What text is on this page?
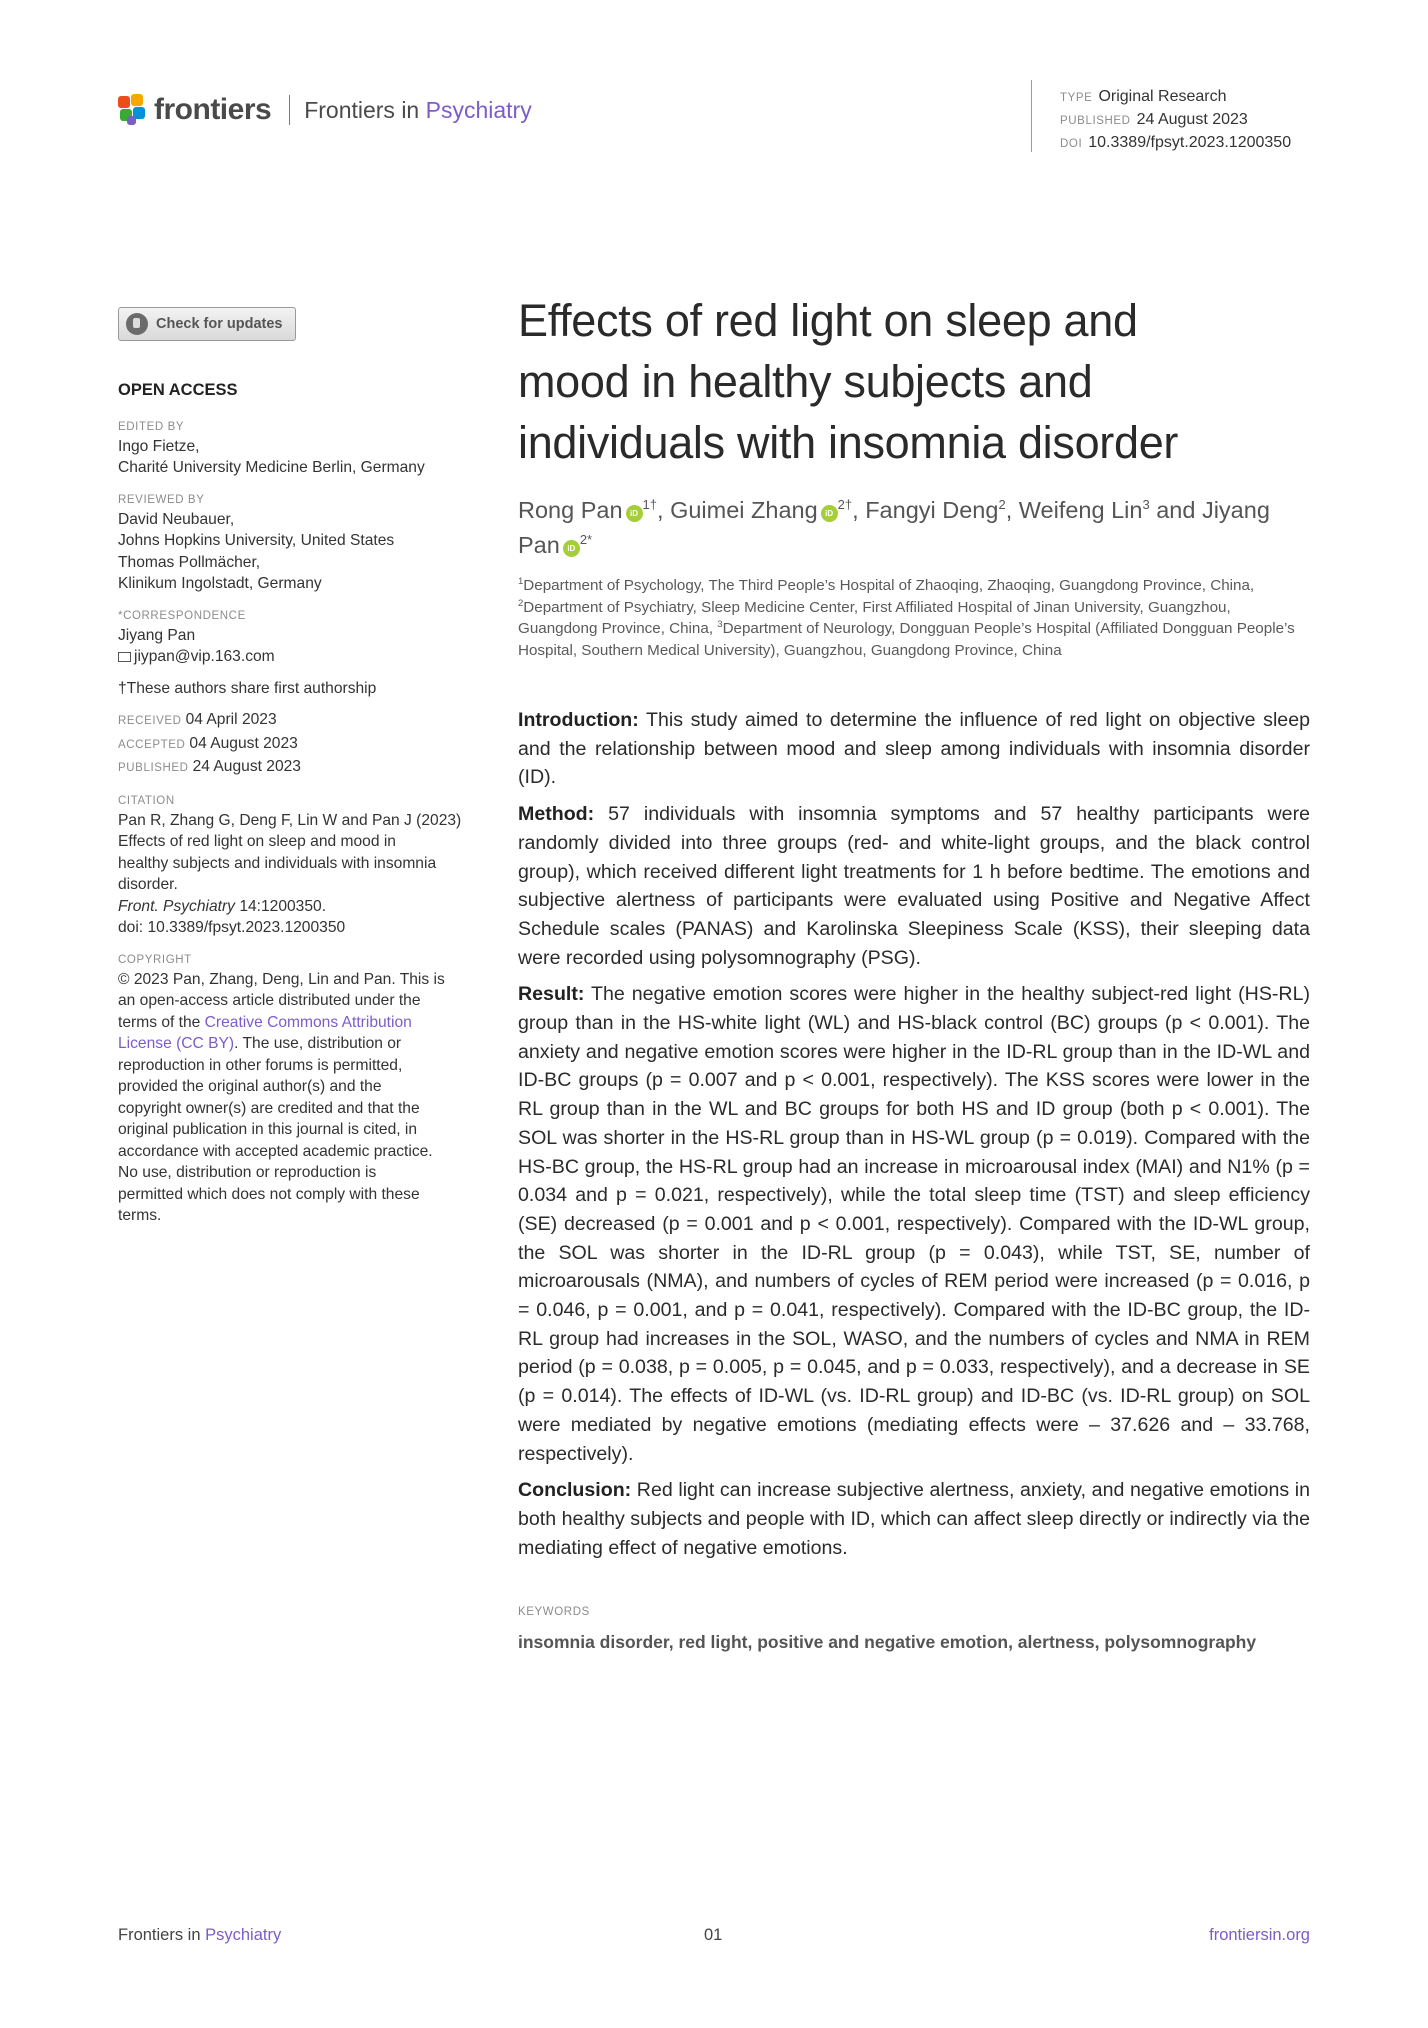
frontiers Frontiers in Psychiatry	TYPE Original Research
PUBLISHED 24 August 2023
DOI 10.3389/fpsyt.2023.1200350
Check for updates
OPEN ACCESS
EDITED BY
Ingo Fietze,
Charité University Medicine Berlin, Germany
REVIEWED BY
David Neubauer,
Johns Hopkins University, United States
Thomas Pollmächer,
Klinikum Ingolstadt, Germany
*CORRESPONDENCE
Jiyang Pan
jiypan@vip.163.com
†These authors share first authorship
RECEIVED 04 April 2023
ACCEPTED 04 August 2023
PUBLISHED 24 August 2023
CITATION
Pan R, Zhang G, Deng F, Lin W and Pan J (2023)
Effects of red light on sleep and mood in
healthy subjects and individuals with insomnia
disorder.
Front. Psychiatry 14:1200350.
doi: 10.3389/fpsyt.2023.1200350
COPYRIGHT
© 2023 Pan, Zhang, Deng, Lin and Pan. This is
an open-access article distributed under the
terms of the Creative Commons Attribution
License (CC BY). The use, distribution or
reproduction in other forums is permitted,
provided the original author(s) and the
copyright owner(s) are credited and that the
original publication in this journal is cited, in
accordance with accepted academic practice.
No use, distribution or reproduction is
permitted which does not comply with these
terms.
Effects of red light on sleep and
mood in healthy subjects and
individuals with insomnia disorder
Rong Pan $iD^{1\dagger}$, Guimei Zhang $iD^{2\dagger}$, Fangyi Deng$^2$, Weifeng Lin$^3$ and Jiyang Pan $iD^{2*}$
$^1$Department of Psychology, The Third People’s Hospital of Zhaoqing, Zhaoqing, Guangdong Province, China, $^2$Department of Psychiatry, Sleep Medicine Center, First Affiliated Hospital of Jinan University, Guangzhou, Guangdong Province, China, $^3$Department of Neurology, Dongguan People’s Hospital (Affiliated Dongguan People’s Hospital, Southern Medical University), Guangzhou, Guangdong Province, China

Introduction: This study aimed to determine the influence of red light on objective sleep and the relationship between mood and sleep among individuals with insomnia disorder (ID).

Method: 57 individuals with insomnia symptoms and 57 healthy participants were randomly divided into three groups (red- and white-light groups, and the black control group), which received different light treatments for 1 h before bedtime. The emotions and subjective alertness of participants were evaluated using Positive and Negative Affect Schedule scales (PANAS) and Karolinska Sleepiness Scale (KSS), their sleeping data were recorded using polysomnography (PSG).

Result: The negative emotion scores were higher in the healthy subject-red light (HS-RL) group than in the HS-white light (WL) and HS-black control (BC) groups (p < 0.001). The anxiety and negative emotion scores were higher in the ID-RL group than in the ID-WL and ID-BC groups (p = 0.007 and p < 0.001, respectively). The KSS scores were lower in the RL group than in the WL and BC groups for both HS and ID group (both p < 0.001). The SOL was shorter in the HS-RL group than in HS-WL group (p = 0.019). Compared with the HS-BC group, the HS-RL group had an increase in microarousal index (MAI) and N1% (p = 0.034 and p = 0.021, respectively), while the total sleep time (TST) and sleep efficiency (SE) decreased (p = 0.001 and p < 0.001, respectively). Compared with the ID-WL group, the SOL was shorter in the ID-RL group (p = 0.043), while TST, SE, number of microarousals (NMA), and numbers of cycles of REM period were increased (p = 0.016, p = 0.046, p = 0.001, and p = 0.041, respectively). Compared with the ID-BC group, the ID-RL group had increases in the SOL, WASO, and the numbers of cycles and NMA in REM period (p = 0.038, p = 0.005, p = 0.045, and p = 0.033, respectively), and a decrease in SE (p = 0.014). The effects of ID-WL (vs. ID-RL group) and ID-BC (vs. ID-RL group) on SOL were mediated by negative emotions (mediating effects were – 37.626 and – 33.768, respectively).

Conclusion: Red light can increase subjective alertness, anxiety, and negative emotions in both healthy subjects and people with ID, which can affect sleep directly or indirectly via the mediating effect of negative emotions.

KEYWORDS
insomnia disorder, red light, positive and negative emotion, alertness, polysomnography
Frontiers in Psychiatry	01	frontiersin.org
